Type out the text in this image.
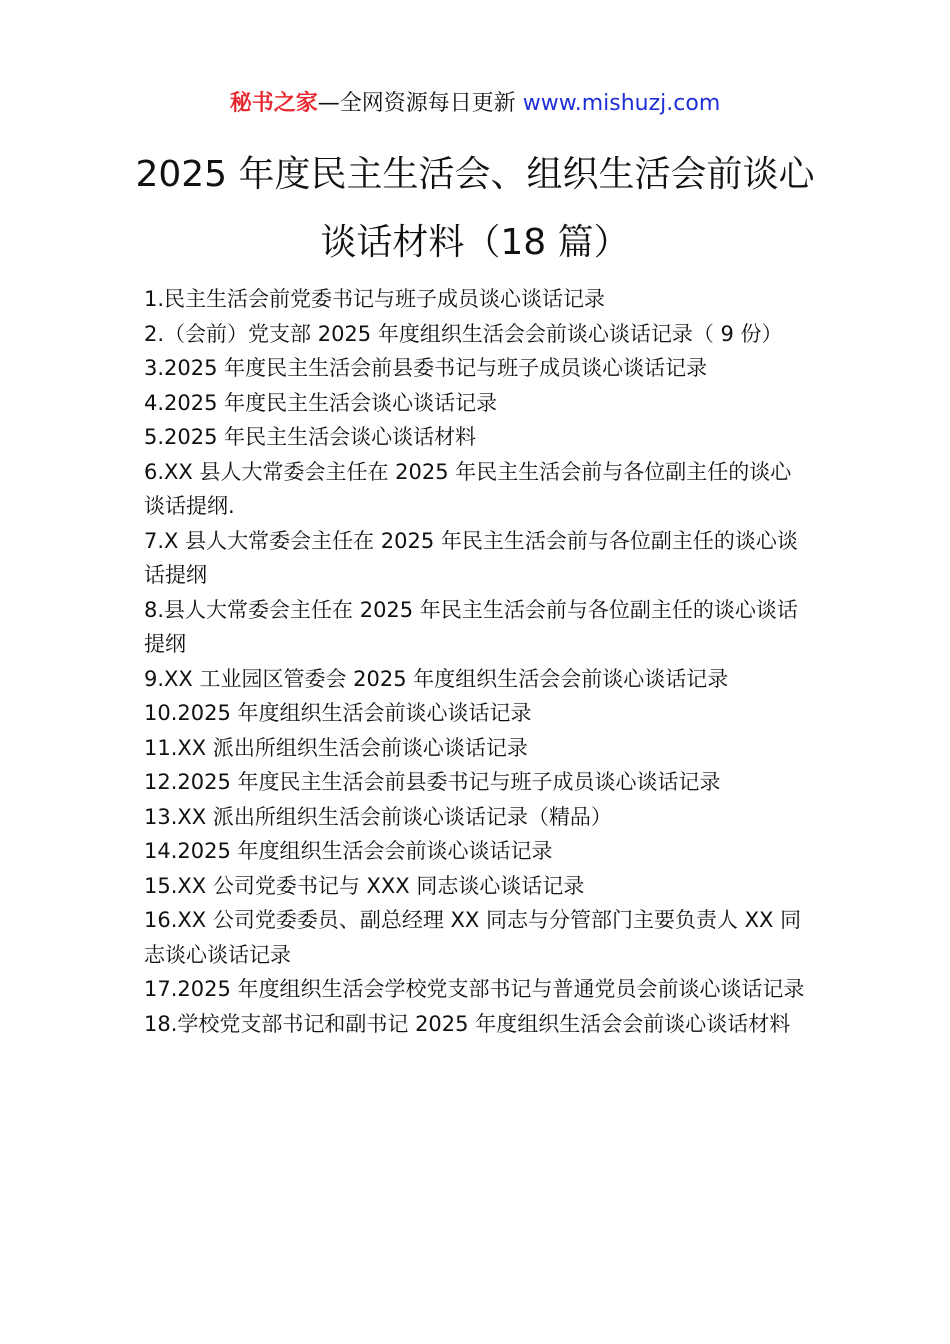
秘书之家—全网资源每日更新 www.mishuzj.com
2025 年度民主生活会、组织生活会前谈心
谈话材料（18 篇）
1.民主生活会前党委书记与班子成员谈心谈话记录
2.（会前）党支部 2025 年度组织生活会会前谈心谈话记录（ 9 份）
3.2025 年度民主生活会前县委书记与班子成员谈心谈话记录
4.2025 年度民主生活会谈心谈话记录
5.2025 年民主生活会谈心谈话材料
6.XX 县人大常委会主任在 2025 年民主生活会前与各位副主任的谈心谈话提纲.
7.X 县人大常委会主任在 2025 年民主生活会前与各位副主任的谈心谈话提纲
8.县人大常委会主任在 2025 年民主生活会前与各位副主任的谈心谈话提纲
9.XX 工业园区管委会 2025 年度组织生活会会前谈心谈话记录
10.2025 年度组织生活会前谈心谈话记录
11.XX 派出所组织生活会前谈心谈话记录
12.2025 年度民主生活会前县委书记与班子成员谈心谈话记录
13.XX 派出所组织生活会前谈心谈话记录（精品）
14.2025 年度组织生活会会前谈心谈话记录
15.XX 公司党委书记与 XXX 同志谈心谈话记录
16.XX 公司党委委员、副总经理 XX 同志与分管部门主要负责人 XX 同志谈心谈话记录
17.2025 年度组织生活会学校党支部书记与普通党员会前谈心谈话记录
18.学校党支部书记和副书记 2025 年度组织生活会会前谈心谈话材料
